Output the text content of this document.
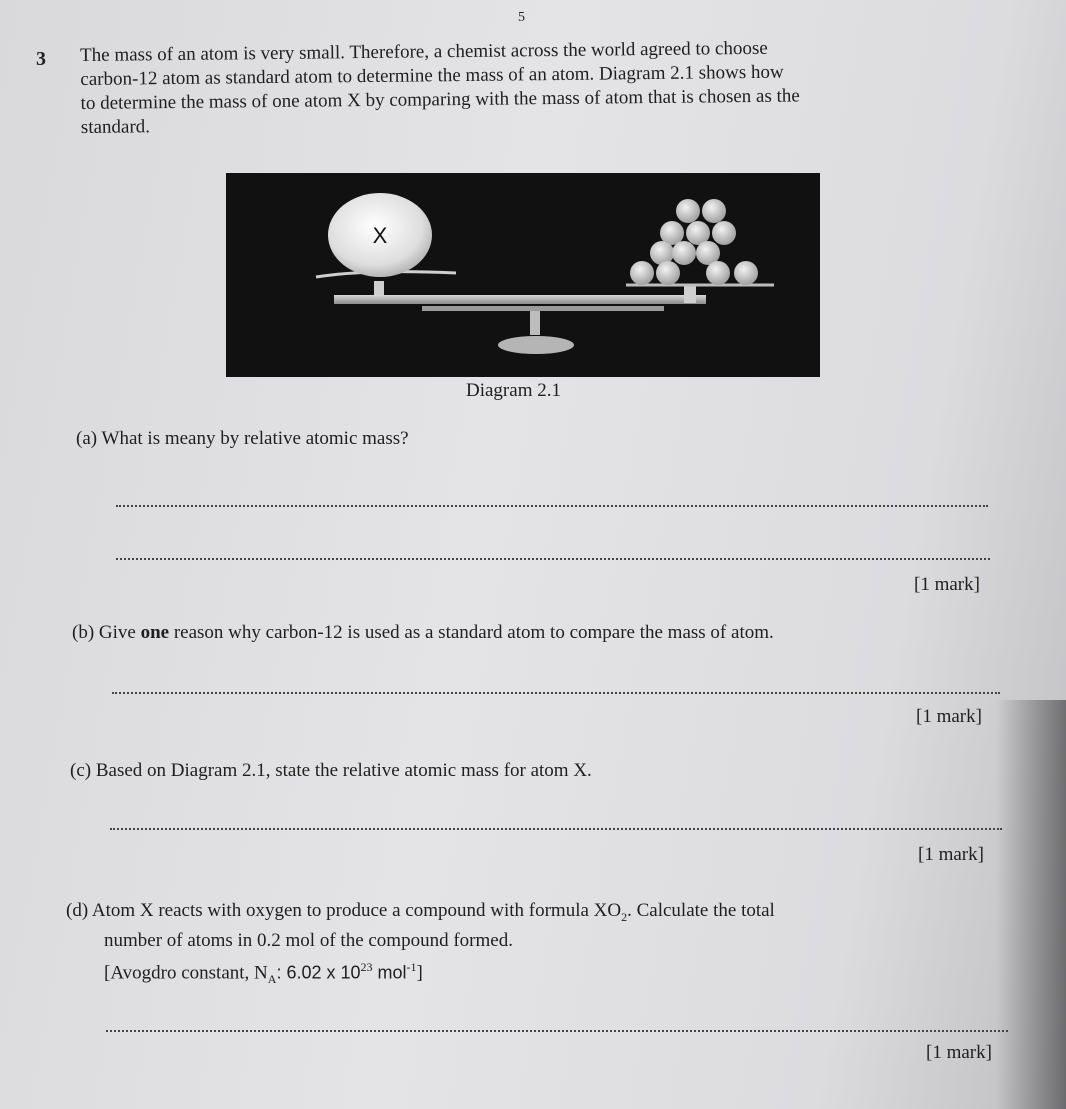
5
3 The mass of an atom is very small. Therefore, a chemist across the world agreed to choose
carbon-12 atom as standard atom to determine the mass of an atom. Diagram 2.1 shows how
to determine the mass of one atom X by comparing with the mass of atom that is chosen as the
standard.
X
Diagram 2.1
(a) What is meany by relative atomic mass?
[1 mark]
(b) Give one reason why carbon-12 is used as a standard atom to compare the mass of atom.
[1 mark]
(c) Based on Diagram 2.1, state the relative atomic mass for atom X.
[1 mark]
(d) Atom X reacts with oxygen to produce a compound with formula $XO_2$. Calculate the total
number of atoms in 0.2 mol of the compound formed.
[Avogdro constant, $N_A$: 6.02 x $10^{23}$ mol$^{-1}$]
[1 mark]
